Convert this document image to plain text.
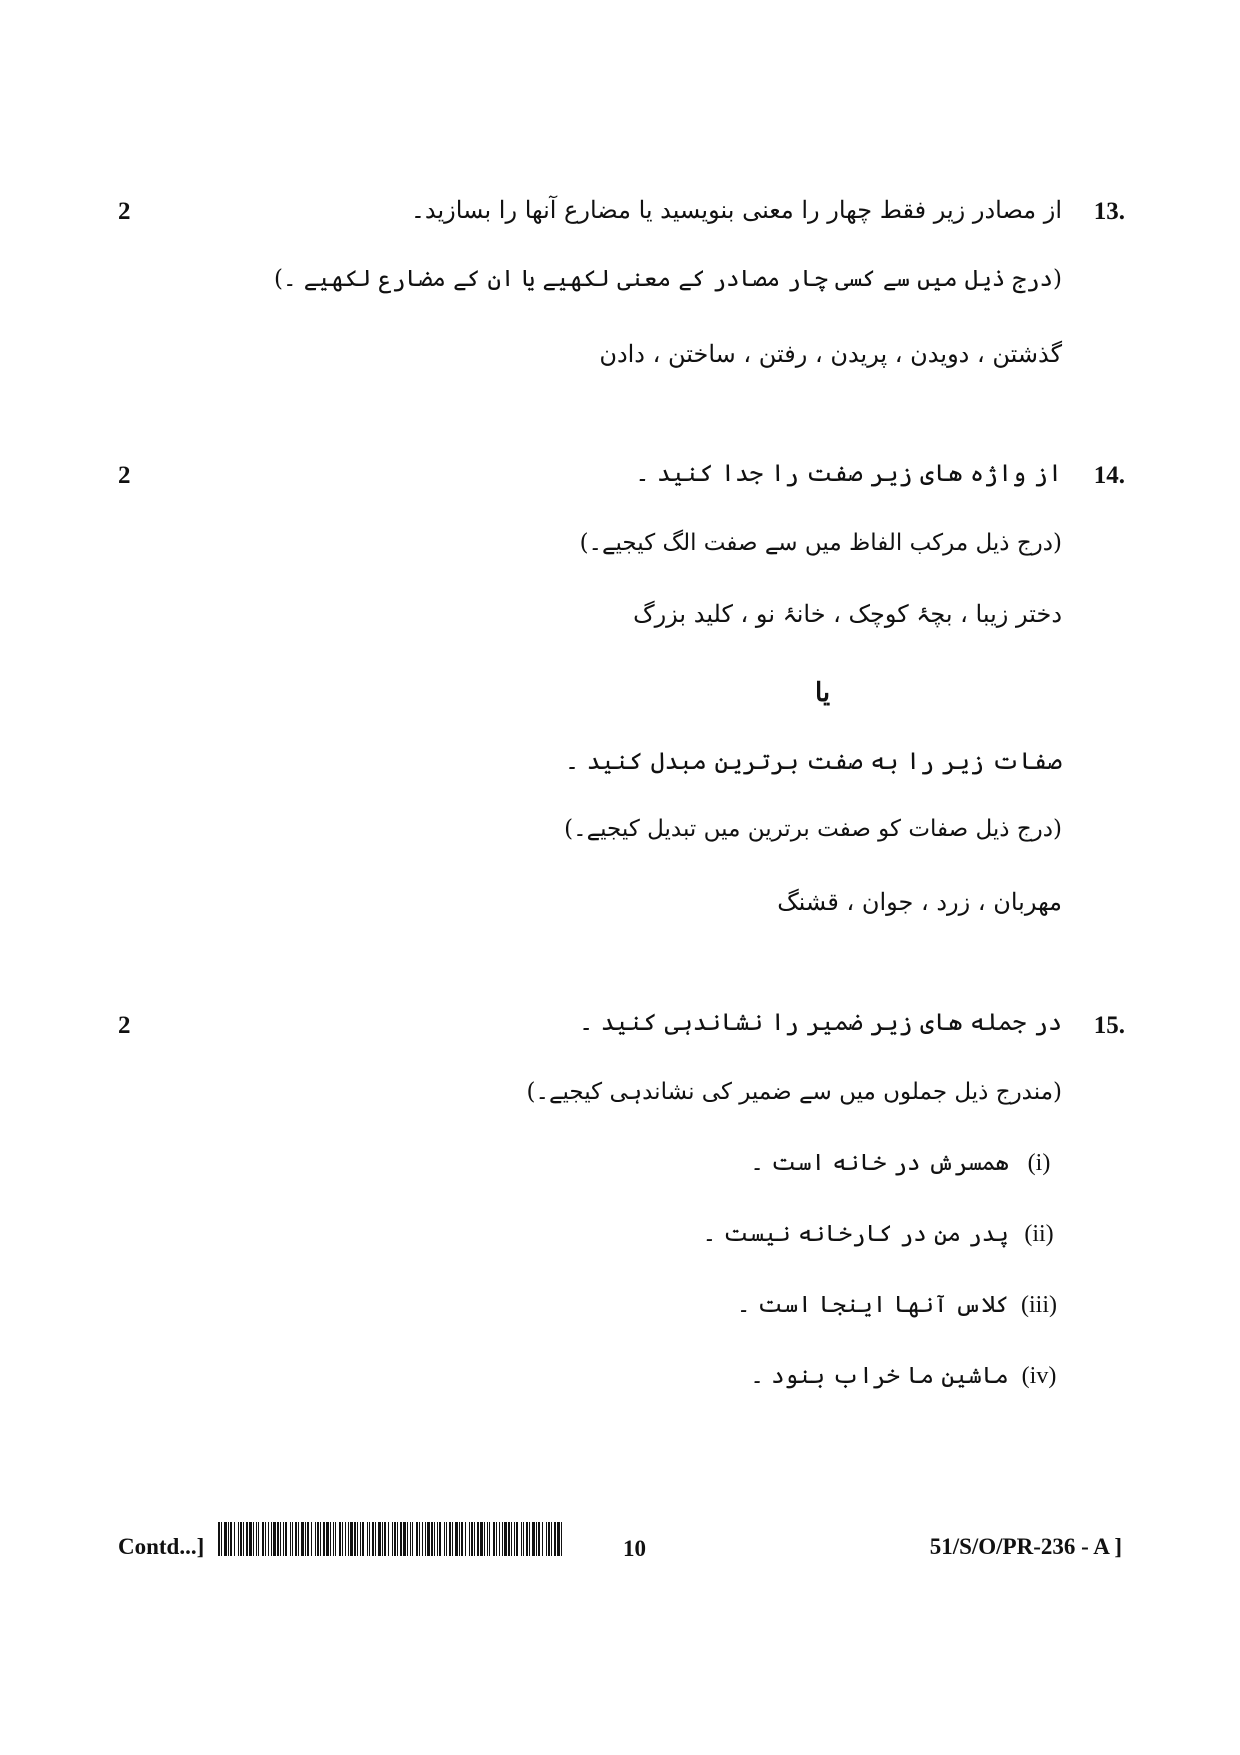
2	13.
از مصادر زیر فقط چهار را معنی بنویسید یا مضارع آنها را بسازید۔
(درج ذیل میں سے کسی چار مصادر کے معنی لکھیے یا ان کے مضارع لکھیے ۔)
گذشتن ، دویدن ، پریدن ، رفتن ، ساختن ، دادن
2	14.
از واژه های زیر صفت را جدا کنید ۔
(درج ذیل مرکب الفاظ میں سے صفت الگ کیجیے۔)
دختر زیبا ، بچۂ کوچک ، خانۂ نو ، کلید بزرگ
یا
صفات زیر را به صفت برترین مبدل کنید ۔
(درج ذیل صفات کو صفت برترین میں تبدیل کیجیے۔)
مهربان ، زرد ، جوان ، قشنگ
2	15.
در جمله های زیر ضمیر را نشاندہی کنید ۔
(مندرج ذیل جملوں میں سے ضمیر کی نشاندہی کیجیے۔)
(i) همسرش در خانه است ۔
(ii) پدر من در کارخانه نیست ۔
(iii) کلاس آنها اینجا است ۔
(iv) ماشین ما خراب بنود ۔
Contd...]	10	51/S/O/PR-236 - A ]
